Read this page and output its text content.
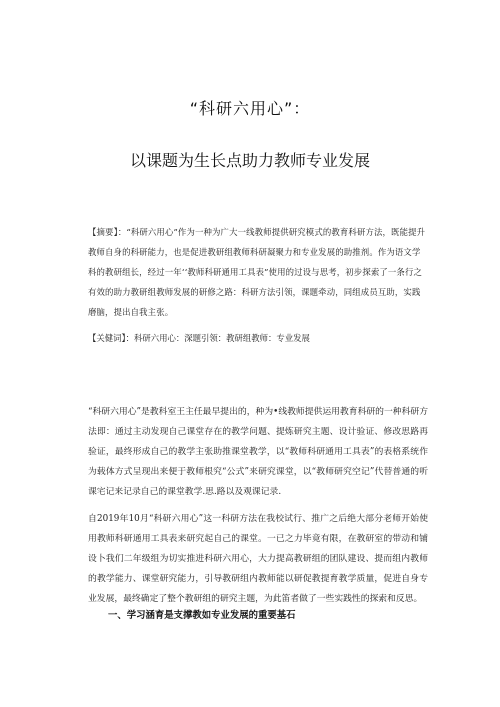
“科研六用心”：
以课题为生长点助力教师专业发展
【摘要】：“科研六用心”作为一种为广大一线教师提供研究模式的教育科研方法，既能提升教师自身的科研能力，也是促进教研组教师科研凝聚力和专业发展的助推剂。作为语文学科的教研组长，经过一年‘‘教师科研通用工具表”使用的过设与思考，初步探索了一条行之有效的助力教研组教师发展的研修之路：科研方法引领，课题牵动，同组成员互助，实践磨脑，提出自我主张。
【关健词】：科研六用心：深题引领：教研组教师：专业发展
“科研六用心”是教科室王主任最早提出的，种为•线教师提供运用教育科研的一种科研方法即：通过主动发现自己课堂存在的教学问题、提炼研究主题、设计验证、修改思路再验证，最终形成自己的教学主张助推课堂教学，以“教师科研通用工具表”的表格系统作为载体方式呈现出来便于教师根究“公式”来研究课堂，以“教师研究空记”代替普通的听课宅记来记录自己的课堂教学.思.路以及观课记录.
自2019年10月“科研六用心”这一科研方法在我校试行、推广之后绝大部分老师开始使用教师科研通用工具表来研究起自己的课堂。一已之力毕竟有限，在教研室的带动和铺设卜我们二年级组为切实推进科研六用心，大力提高教研组的团队建设、提而组内教师的教学能力、课堂研究能力，引导教研组内教师能以研促教提育教学质量，促进自身专业发展，最终确定了整个教研组的研究主题，为此笛者做了一些实践性的探索和反思。
一、学习涵育是支撑教如专业发展的重要基石
